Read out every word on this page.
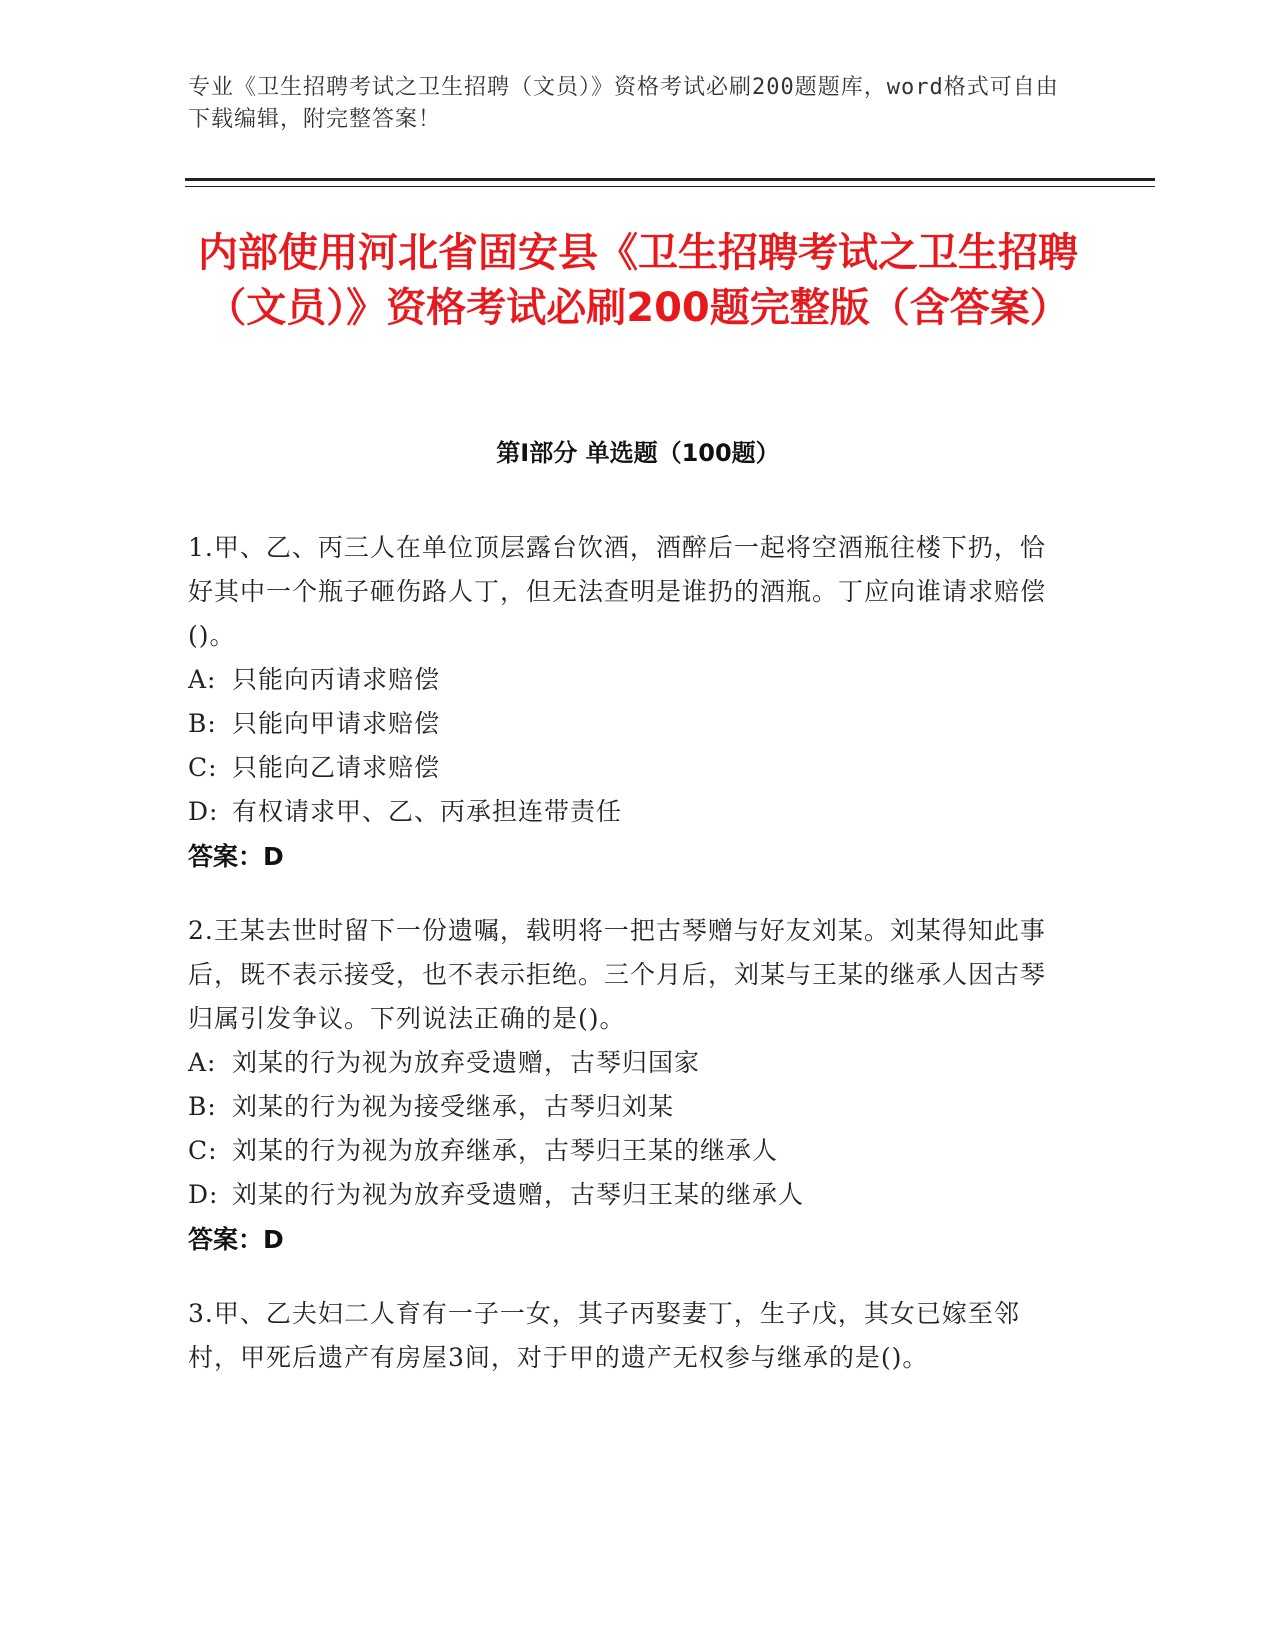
专业《卫生招聘考试之卫生招聘（文员）》资格考试必刷200题题库，word格式可自由下载编辑，附完整答案！
内部使用河北省固安县《卫生招聘考试之卫生招聘（文员）》资格考试必刷200题完整版（含答案）
第Ⅰ部分 单选题（100题）
1.甲、乙、丙三人在单位顶层露台饮酒，酒醉后一起将空酒瓶往楼下扔，恰好其中一个瓶子砸伤路人丁，但无法查明是谁扔的酒瓶。丁应向谁请求赔偿()。
A: 只能向丙请求赔偿
B: 只能向甲请求赔偿
C: 只能向乙请求赔偿
D: 有权请求甲、乙、丙承担连带责任
答案：D
2.王某去世时留下一份遗嘱，载明将一把古琴赠与好友刘某。刘某得知此事后，既不表示接受，也不表示拒绝。三个月后，刘某与王某的继承人因古琴归属引发争议。下列说法正确的是()。
A: 刘某的行为视为放弃受遗赠，古琴归国家
B: 刘某的行为视为接受继承，古琴归刘某
C: 刘某的行为视为放弃继承，古琴归王某的继承人
D: 刘某的行为视为放弃受遗赠，古琴归王某的继承人
答案：D
3.甲、乙夫妇二人育有一子一女，其子丙娶妻丁，生子戊，其女已嫁至邻村，甲死后遗产有房屋3间，对于甲的遗产无权参与继承的是()。
